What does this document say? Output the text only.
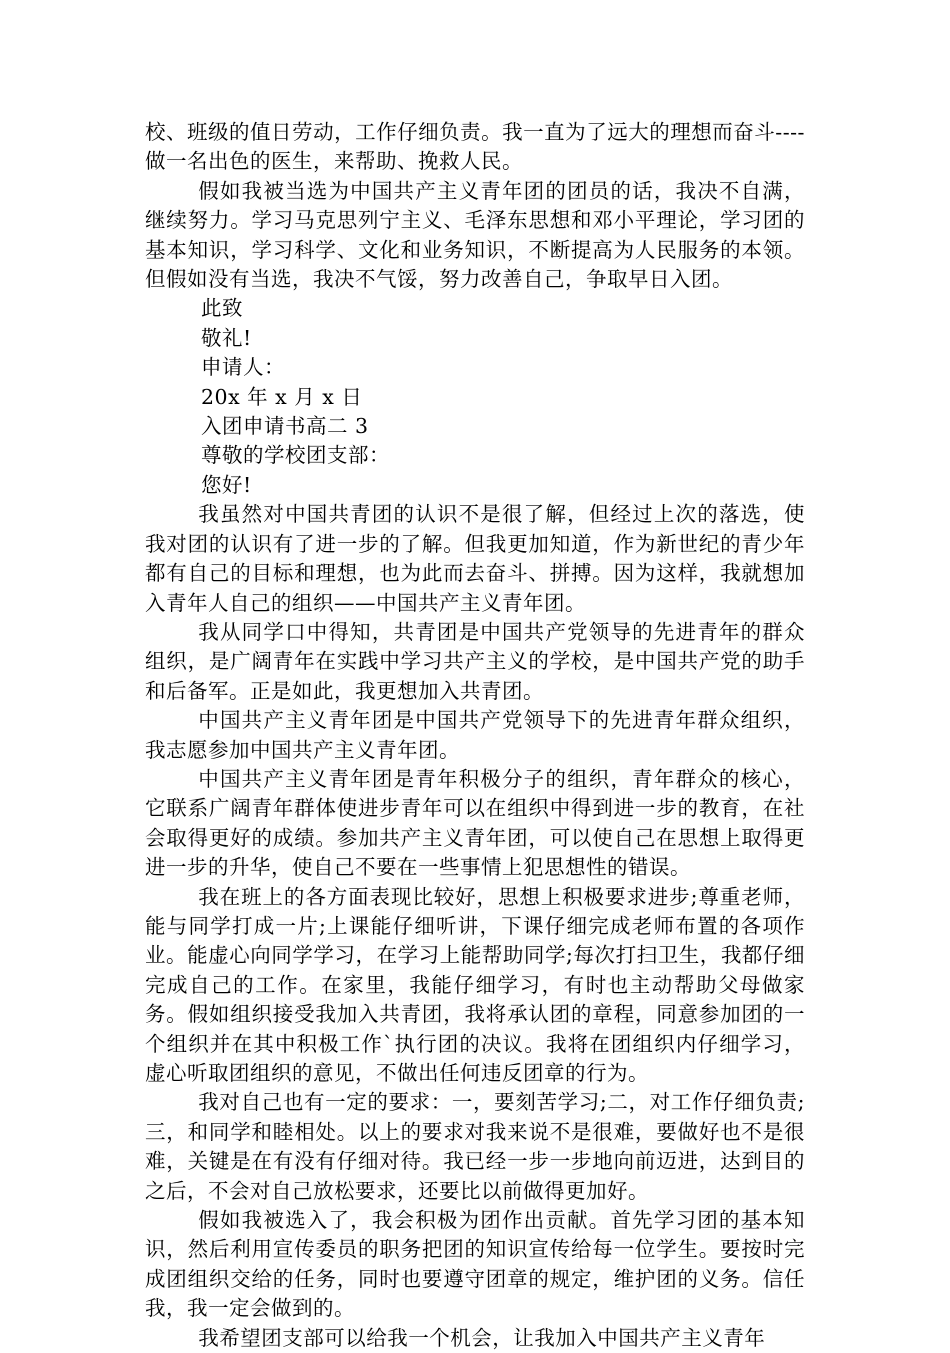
校、班级的值日劳动，工作仔细负责。我一直为了远大的理想而奋斗----做一名出色的医生，来帮助、挽救人民。

假如我被当选为中国共产主义青年团的团员的话，我决不自满，继续努力。学习马克思列宁主义、毛泽东思想和邓小平理论，学习团的基本知识，学习科学、文化和业务知识，不断提高为人民服务的本领。但假如没有当选，我决不气馁，努力改善自己，争取早日入团。

此致

敬礼!

申请人：

20x 年 x 月 x 日

入团申请书高二 3

尊敬的学校团支部：

您好!

我虽然对中国共青团的认识不是很了解，但经过上次的落选，使我对团的认识有了进一步的了解。但我更加知道，作为新世纪的青少年都有自己的目标和理想，也为此而去奋斗、拼搏。因为这样，我就想加入青年人自己的组织——中国共产主义青年团。

我从同学口中得知，共青团是中国共产党领导的先进青年的群众组织，是广阔青年在实践中学习共产主义的学校，是中国共产党的助手和后备军。正是如此，我更想加入共青团。

中国共产主义青年团是中国共产党领导下的先进青年群众组织，我志愿参加中国共产主义青年团。

中国共产主义青年团是青年积极分子的组织，青年群众的核心，它联系广阔青年群体使进步青年可以在组织中得到进一步的教育，在社会取得更好的成绩。参加共产主义青年团，可以使自己在思想上取得更进一步的升华，使自己不要在一些事情上犯思想性的错误。

我在班上的各方面表现比较好，思想上积极要求进步;尊重老师，能与同学打成一片;上课能仔细听讲，下课仔细完成老师布置的各项作业。能虚心向同学学习，在学习上能帮助同学;每次打扫卫生，我都仔细完成自己的工作。在家里，我能仔细学习，有时也主动帮助父母做家务。假如组织接受我加入共青团，我将承认团的章程，同意参加团的一个组织并在其中积极工作`执行团的决议。我将在团组织内仔细学习，虚心听取团组织的意见，不做出任何违反团章的行为。

我对自己也有一定的要求：一，要刻苦学习;二，对工作仔细负责;三，和同学和睦相处。以上的要求对我来说不是很难，要做好也不是很难，关键是在有没有仔细对待。我已经一步一步地向前迈进，达到目的之后，不会对自己放松要求，还要比以前做得更加好。

假如我被选入了，我会积极为团作出贡献。首先学习团的基本知识，然后利用宣传委员的职务把团的知识宣传给每一位学生。要按时完成团组织交给的任务，同时也要遵守团章的规定，维护团的义务。信任我，我一定会做到的。

我希望团支部可以给我一个机会，让我加入中国共产主义青年
